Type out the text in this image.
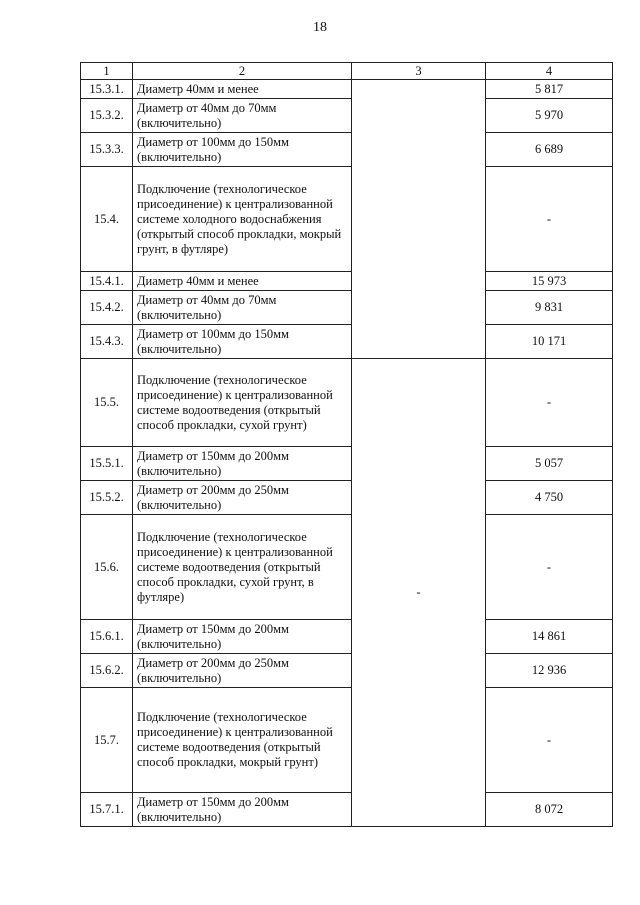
18
1	2	3	4
15.3.1.	Диаметр 40мм и менее		5 817
15.3.2.	Диаметр от 40мм до 70мм (включительно)		5 970
15.3.3.	Диаметр от 100мм до 150мм (включительно)		6 689
15.4.	Подключение (технологическое присоединение) к централизованной системе холодного водоснабжения (открытый способ прокладки, мокрый грунт, в футляре)		-
15.4.1.	Диаметр 40мм и менее		15 973
15.4.2.	Диаметр от 40мм до 70мм (включительно)		9 831
15.4.3.	Диаметр от 100мм до 150мм (включительно)		10 171
15.5.	Подключение (технологическое присоединение) к централизованной системе водоотведения (открытый способ прокладки, сухой грунт)	-	-
15.5.1.	Диаметр от 150мм до 200мм (включительно)		5 057
15.5.2.	Диаметр от 200мм до 250мм (включительно)		4 750
15.6.	Подключение (технологическое присоединение) к централизованной системе водоотведения (открытый способ прокладки, сухой грунт, в футляре)		-
15.6.1.	Диаметр от 150мм до 200мм (включительно)		14 861
15.6.2.	Диаметр от 200мм до 250мм (включительно)		12 936
15.7.	Подключение (технологическое присоединение) к централизованной системе водоотведения (открытый способ прокладки, мокрый грунт)		-
15.7.1.	Диаметр от 150мм до 200мм (включительно)		8 072
